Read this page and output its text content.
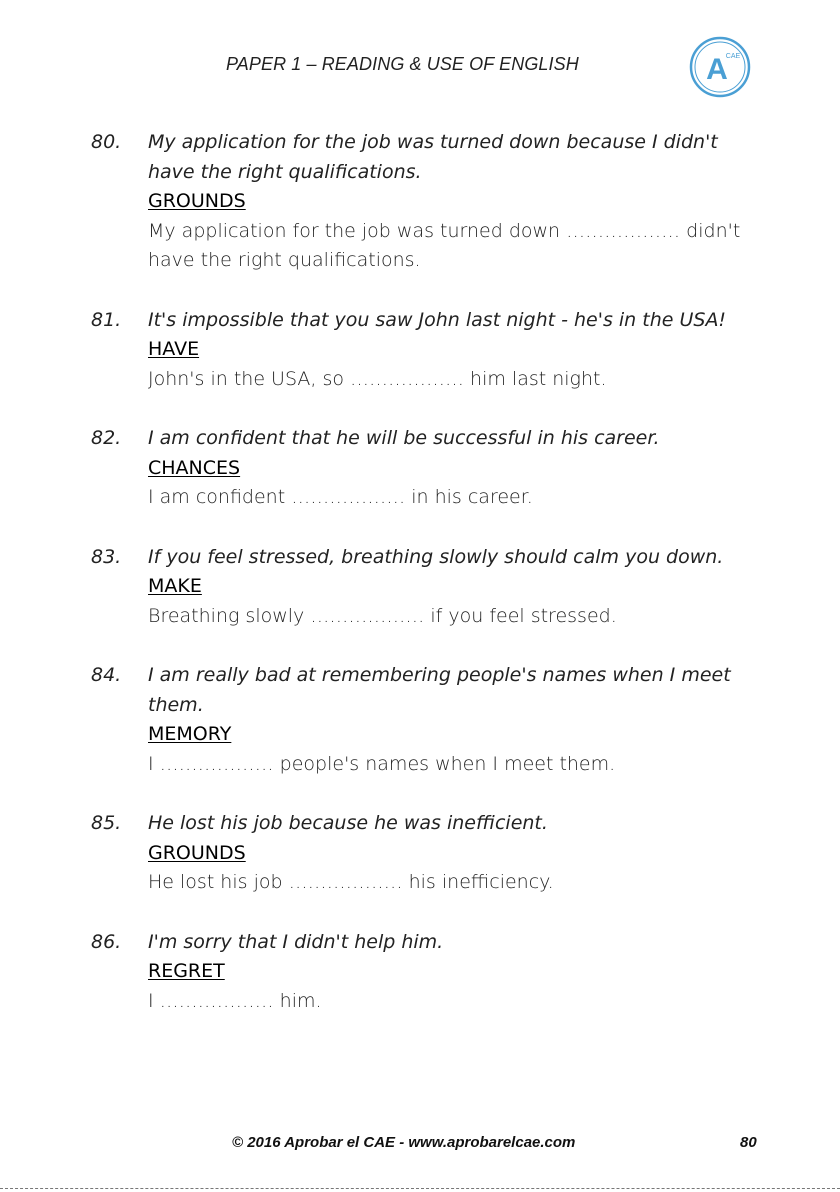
PAPER 1 – READING & USE OF ENGLISH	A
CAE
80. My application for the job was turned down because I didn't have the right qualifications.
GROUNDS
My application for the job was turned down ……………… didn't have the right qualifications.
81. It's impossible that you saw John last night - he's in the USA!
HAVE
John's in the USA, so ……………… him last night.
82. I am confident that he will be successful in his career.
CHANCES
I am confident ……………… in his career.
83. If you feel stressed, breathing slowly should calm you down.
MAKE
Breathing slowly ……………… if you feel stressed.
84. I am really bad at remembering people's names when I meet them.
MEMORY
I ……………… people's names when I meet them.
85. He lost his job because he was inefficient.
GROUNDS
He lost his job ……………… his inefficiency.
86. I'm sorry that I didn't help him.
REGRET
I ……………… him.
© 2016 Aprobar el CAE - www.aprobarelcae.com	80
